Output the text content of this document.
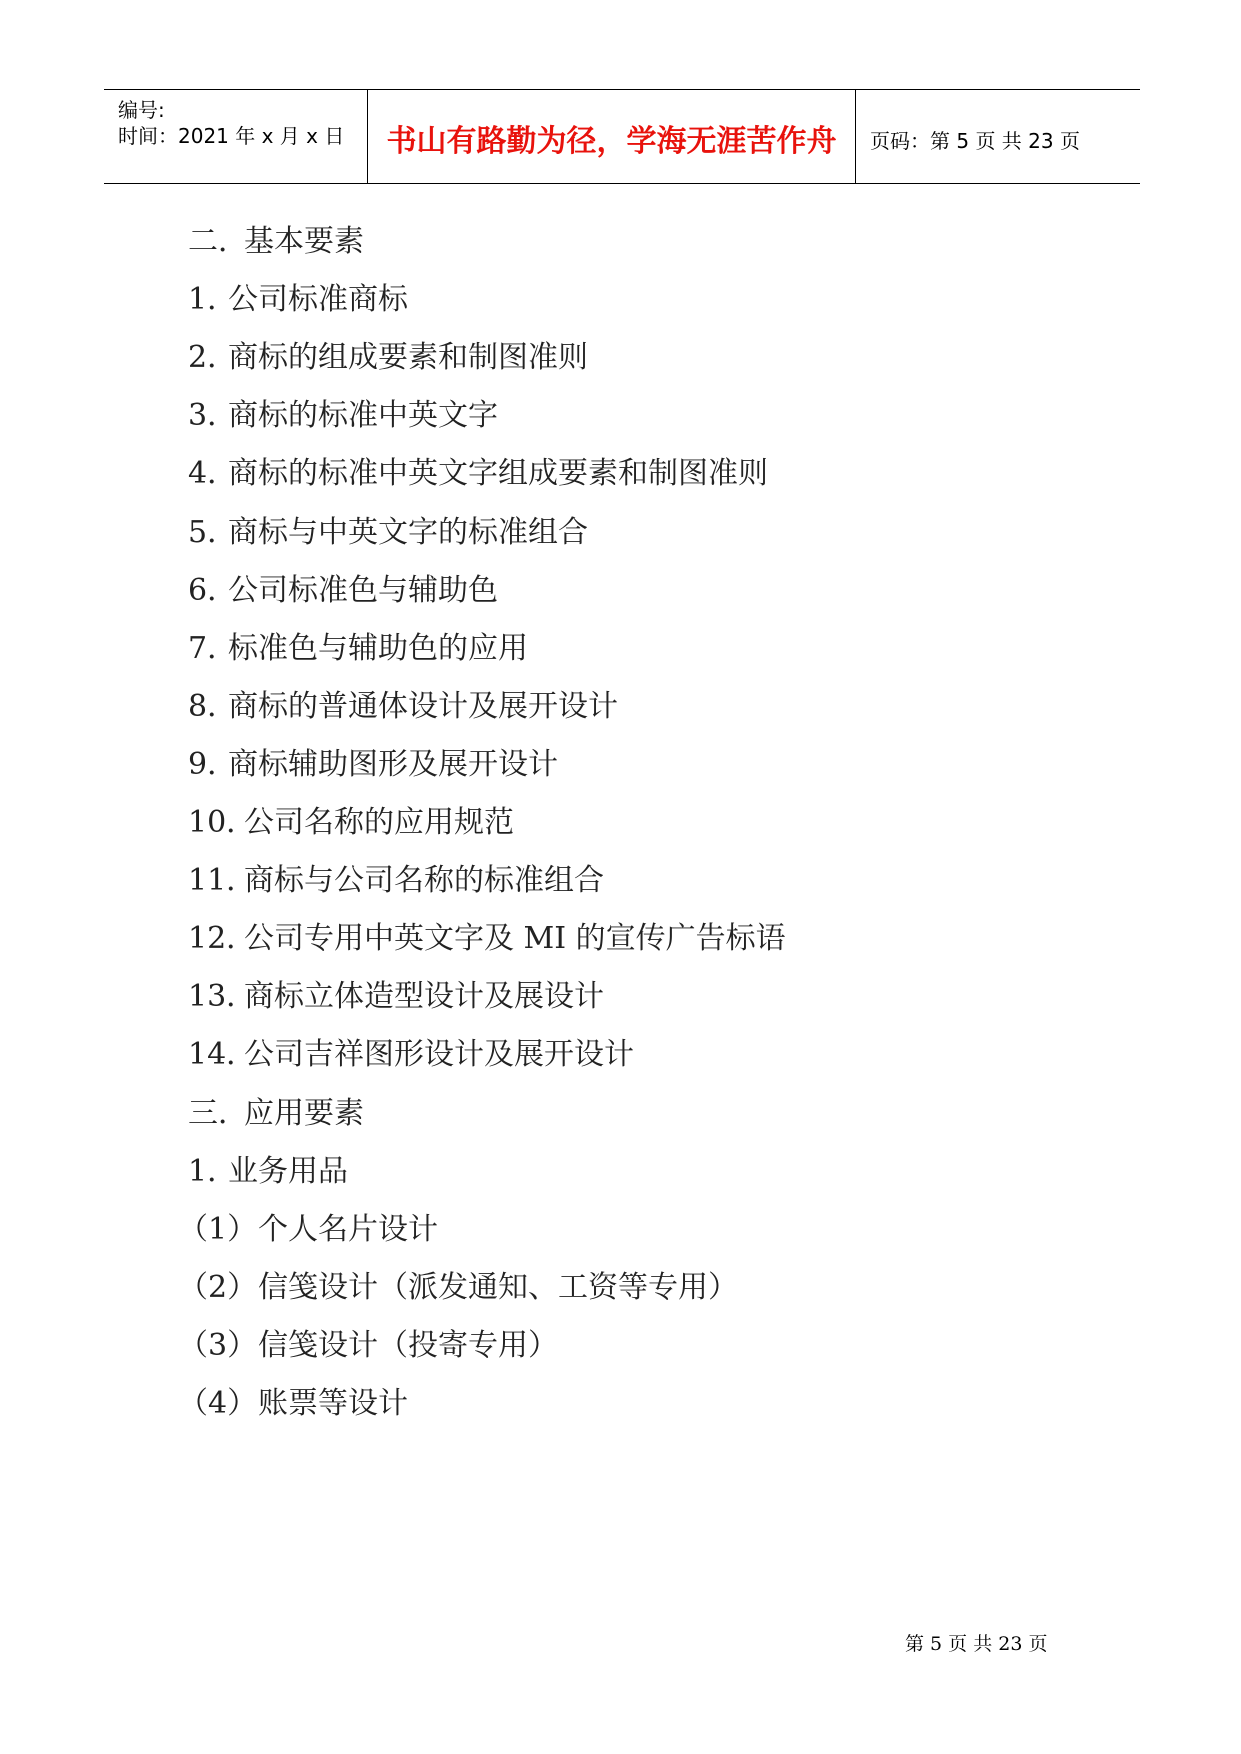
编号:
时间：2021 年 x 月 x 日	书山有路勤为径，学海无涯苦作舟	页码：第 5 页 共 23 页
二．
基本要素
1．
公司标准商标
2．
商标的组成要素和制图准则
3．
商标的标准中英文字
4．
商标的标准中英文字组成要素和制图准则
5．
商标与中英文字的标准组合
6．
公司标准色与辅助色
7．
标准色与辅助色的应用
8．
商标的普通体设计及展开设计
9．
商标辅助图形及展开设计
10．
公司名称的应用规范
11．
商标与公司名称的标准组合
12．
公司专用中英文字及 MI 的宣传广告标语
13．
商标立体造型设计及展设计
14．
公司吉祥图形设计及展开设计
三．
应用要素
1．
业务用品
（1） 个人名片设计
（2） 信笺设计（派发通知、工资等专用）
（3） 信笺设计（投寄专用）
（4） 账票等设计
第 5 页 共 23 页
